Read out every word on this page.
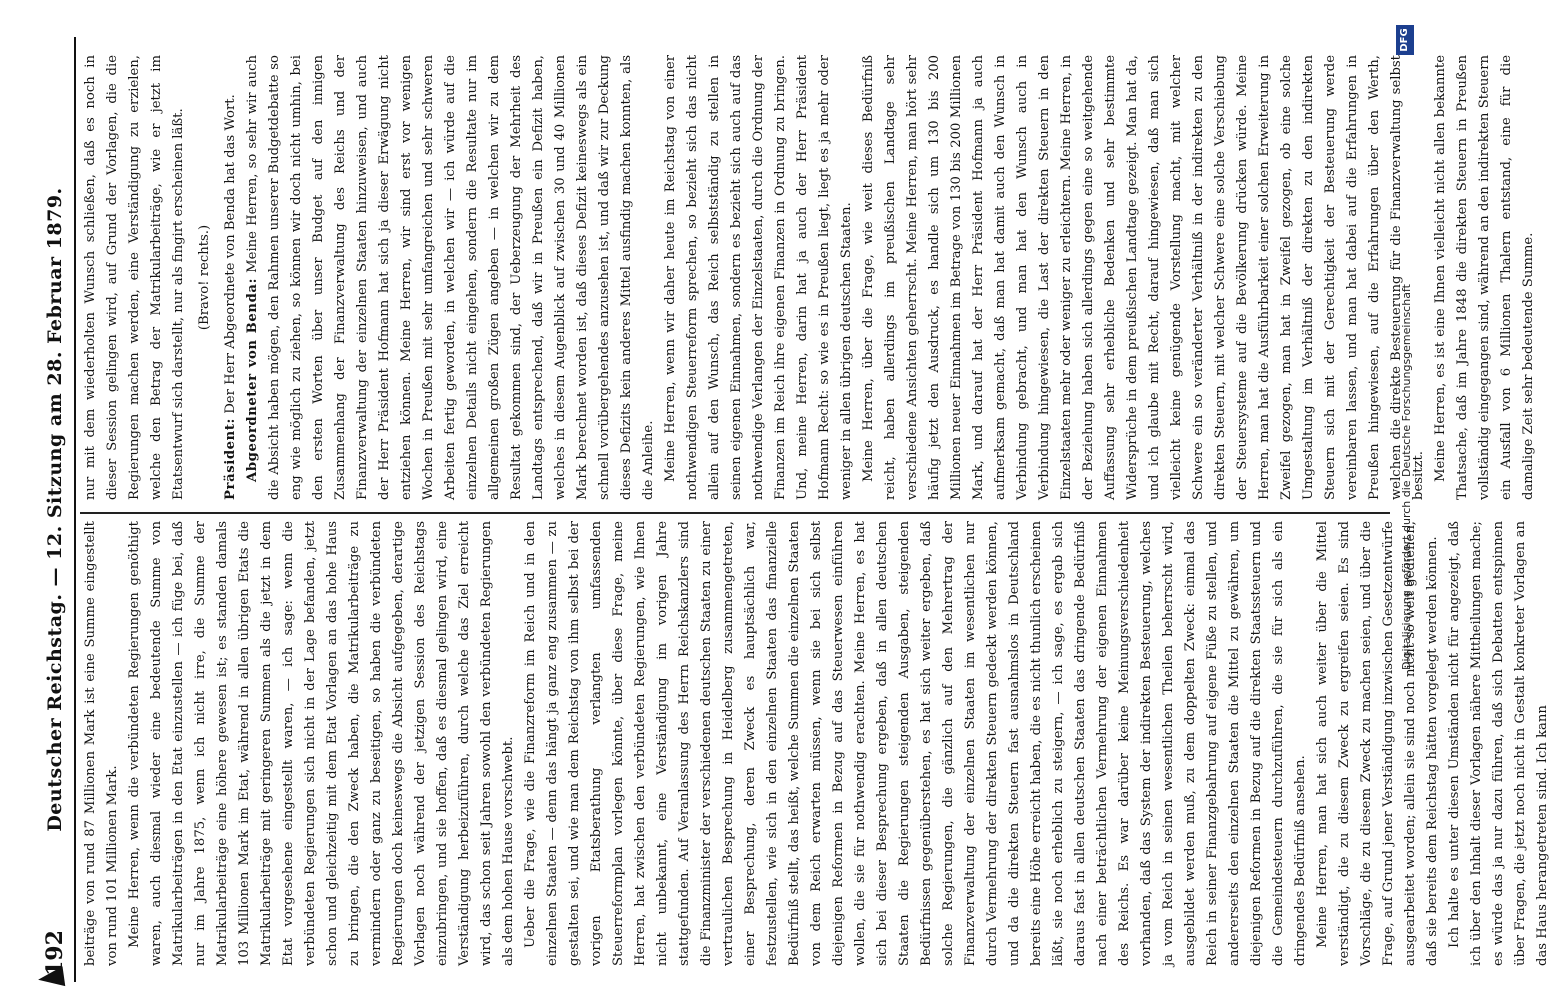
192
Deutscher Reichstag. — 12. Sitzung am 28. Februar 1879. beiträge von rund 87 Millionen Mark ist eine Summe eingestellt von rund 101 Millionen Mark. Meine Herren, wenn die verbündeten Regierungen genöthigt waren, auch diesmal wieder eine bedeutende Summe von Matrikularbeiträgen in den Etat einzustellen — ich füge bei, daß nur im Jahre 1875, wenn ich nicht irre, die Summe der Matrikularbeiträge eine höhere gewesen ist; es standen damals 103 Millionen Mark im Etat, während in allen übrigen Etats die Matrikularbeiträge mit geringeren Summen als die jetzt in dem Etat vorgesehene eingestellt waren, — ich sage: wenn die verbündeten Regierungen sich nicht in der Lage befanden, jetzt schon und gleichzeitig mit dem Etat Vorlagen an das hohe Haus zu bringen, die den Zweck haben, die Matrikularbeiträge zu vermindern oder ganz zu beseitigen, so haben die verbündeten Regierungen doch keineswegs die Absicht aufgegeben, derartige Vorlagen noch während der jetzigen Session des Reichstags einzubringen, und sie hoffen, daß es diesmal gelingen wird, eine Verständigung herbeizuführen, durch welche das Ziel erreicht wird, das schon seit Jahren sowohl den verbündeten Regierungen als dem hohen Hause vorschwebt. Ueber die Frage, wie die Finanzreform im Reich und in den einzelnen Staaten — denn das hängt ja ganz eng zusammen — zu gestalten sei, und wie man dem Reichstag von ihm selbst bei der vorigen Etatsberathung verlangten umfassenden Steuerreformplan vorlegen könnte, über diese Frage, meine Herren, hat zwischen den verbündeten Regierungen, wie Ihnen nicht unbekannt, eine Verständigung im vorigen Jahre stattgefunden. Auf Veranlassung des Herrn Reichskanzlers sind die Finanzminister der verschiedenen deutschen Staaten zu einer vertraulichen Besprechung in Heidelberg zusammengetreten, einer Besprechung, deren Zweck es hauptsächlich war, festzustellen, wie sich in den einzelnen Staaten das finanzielle Bedürfniß stellt, das heißt, welche Summen die einzelnen Staaten von dem Reich erwarten müssen, wenn sie bei sich selbst diejenigen Reformen in Bezug auf das Steuerwesen einführen wollen, die sie für nothwendig erachten. Meine Herren, es hat sich bei dieser Besprechung ergeben, daß in allen deutschen Staaten die Regierungen steigenden Ausgaben, steigenden Bedürfnissen gegenüberstehen, es hat sich weiter ergeben, daß solche Regierungen, die gänzlich auf den Mehrertrag der Finanzverwaltung der einzelnen Staaten im wesentlichen nur durch Vermehrung der direkten Steuern gedeckt werden können, und da die direkten Steuern fast ausnahmslos in Deutschland bereits eine Höhe erreicht haben, die es nicht thunlich erscheinen läßt, sie noch erheblich zu steigern, — ich sage, es ergab sich daraus fast in allen deutschen Staaten das dringende Bedürfniß nach einer beträchtlichen Vermehrung der eigenen Einnahmen des Reichs. Es war darüber keine Meinungsverschiedenheit vorhanden, daß das System der indirekten Besteuerung, welches ja vom Reich in seinen wesentlichen Theilen beherrscht wird, ausgebildet werden muß, zu dem doppelten Zweck: einmal das Reich in seiner Finanzgebahrung auf eigene Füße zu stellen, und andererseits den einzelnen Staaten die Mittel zu gewähren, um diejenigen Reformen in Bezug auf die direkten Staatssteuern und die Gemeindesteuern durchzuführen, die sie für sich als ein dringendes Bedürfniß ansehen. Meine Herren, man hat sich auch weiter über die Mittel verständigt, die zu diesem Zweck zu ergreifen seien. Es sind Vorschläge, die zu diesem Zweck zu machen seien, und über die Frage, auf Grund jener Verständigung inzwischen Gesetzentwürfe ausgearbeitet worden; allein sie sind noch nicht so weit gediehen, daß sie bereits dem Reichstag hätten vorgelegt werden können. Ich halte es unter diesen Umständen nicht für angezeigt, daß ich über den Inhalt dieser Vorlagen nähere Mittheilungen mache; es würde das ja nur dazu führen, daß sich Debatten entspinnen über Fragen, die jetzt noch nicht in Gestalt konkreter Vorlagen an das Haus herangetreten sind. Ich kann

nur mit dem wiederholten Wunsch schließen, daß es noch in dieser Session gelingen wird, auf Grund der Vorlagen, die die Regierungen machen werden, eine Verständigung zu erzielen, welche den Betrag der Matrikularbeiträge, wie er jetzt im Etatsentwurf sich darstellt, nur als fingirt erscheinen läßt. (Bravo! rechts.)

Präsident: Der Herr Abgeordnete von Benda hat das Wort. Abgeordneter von Benda: Meine Herren, so sehr wir auch die Absicht haben mögen, den Rahmen unserer Budgetdebatte so eng wie möglich zu ziehen, so können wir doch nicht umhin, bei den ersten Worten über unser Budget auf den innigen Zusammenhang der Finanzverwaltung des Reichs und der Finanzverwaltung der einzelnen Staaten hinzuweisen, und auch der Herr Präsident Hofmann hat sich ja dieser Erwägung nicht entziehen können. Meine Herren, wir sind erst vor wenigen Wochen in Preußen mit sehr umfangreichen und sehr schweren Arbeiten fertig geworden, in welchen wir — ich würde auf die einzelnen Details nicht eingehen, sondern die Resultate nur im allgemeinen großen Zügen angeben — in welchen wir zu dem Resultat gekommen sind, der Ueberzeugung der Mehrheit des Landtags entsprechend, daß wir in Preußen ein Defizit haben, welches in diesem Augenblick auf zwischen 30 und 40 Millionen Mark berechnet worden ist, daß dieses Defizit keineswegs als ein schnell vorübergehendes anzusehen ist, und daß wir zur Deckung dieses Defizits kein anderes Mittel ausfindig machen konnten, als die Anleihe. Meine Herren, wenn wir daher heute im Reichstag von einer nothwendigen Steuerreform sprechen, so bezieht sich das nicht allein auf den Wunsch, das Reich selbstständig zu stellen in seinen eigenen Einnahmen, sondern es bezieht sich auch auf das nothwendige Verlangen der Einzelstaaten, durch die Ordnung der Finanzen im Reich ihre eigenen Finanzen in Ordnung zu bringen. Und, meine Herren, darin hat ja auch der Herr Präsident Hofmann Recht: so wie es in Preußen liegt, liegt es ja mehr oder weniger in allen übrigen deutschen Staaten. Meine Herren, über die Frage, wie weit dieses Bedürfniß reicht, haben allerdings im preußischen Landtage sehr verschiedene Ansichten geherrscht. Meine Herren, man hört sehr häufig jetzt den Ausdruck, es handle sich um 130 bis 200 Millionen neuer Einnahmen im Betrage von 130 bis 200 Millionen Mark, und darauf hat der Herr Präsident Hofmann ja auch aufmerksam gemacht, daß man hat damit auch den Wunsch in Verbindung gebracht, und man hat den Wunsch auch in Verbindung hingewiesen, die Last der direkten Steuern in den Einzelstaaten mehr oder weniger zu erleichtern. Meine Herren, in der Beziehung haben sich allerdings gegen eine so weitgehende Auffassung sehr erhebliche Bedenken und sehr bestimmte Widersprüche in dem preußischen Landtage gezeigt. Man hat da, und ich glaube mit Recht, darauf hingewiesen, daß man sich vielleicht keine genügende Vorstellung macht, mit welcher Schwere ein so veränderter Verhältniß in der indirekten zu den direkten Steuern, mit welcher Schwere eine solche Verschiebung der Steuersysteme auf die Bevölkerung drücken würde. Meine Herren, man hat die Ausführbarkeit einer solchen Erweiterung in Zweifel gezogen, man hat in Zweifel gezogen, ob eine solche Umgestaltung im Verhältniß der direkten zu den indirekten Steuern sich mit der Gerechtigkeit der Besteuerung werde vereinbaren lassen, und man hat dabei auf die Erfahrungen in Preußen hingewiesen, auf die Erfahrungen über den Werth, welchen die direkte Besteuerung für die Finanzverwaltung selbst besitzt. Meine Herren, es ist eine Ihnen vielleicht nicht allen bekannte Thatsache, daß im Jahre 1848 die direkten Steuern in Preußen vollständig eingegangen sind, während an den indirekten Steuern ein Ausfall von 6 Millionen Thalern entstand, eine für die damalige Zeit sehr bedeutende Summe.

Digitalisierung gefördert durch die Deutsche Forschungsgemeinschaft
DFG
